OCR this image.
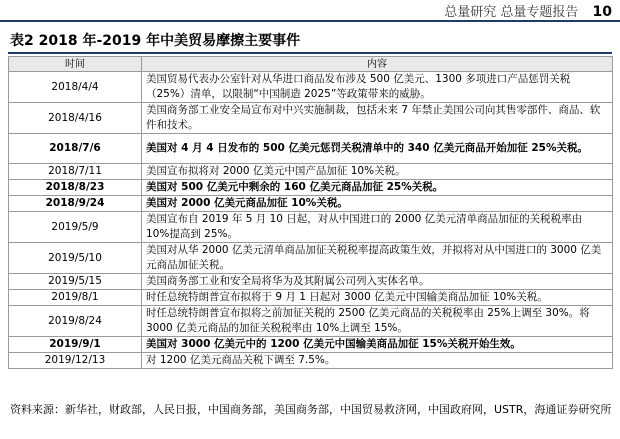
总量研究 总量专题报告 10
表2 2018 年-2019 年中美贸易摩擦主要事件
时间	内容
2018/4/4	美国贸易代表办公室针对从华进口商品发布涉及 500 亿美元、1300 多项进口产品惩罚关税（25%）清单，以限制“中国制造 2025”等政策带来的威胁。
2018/4/16	美国商务部工业安全局宣布对中兴实施制裁，包括未来 7 年禁止美国公司向其售零部件、商品、软件和技术。
2018/7/6	美国对 4 月 4 日发布的 500 亿美元惩罚关税清单中的 340 亿美元商品开始加征 25%关税。
2018/7/11	美国宣布拟将对 2000 亿美元中国产品加征 10%关税。
2018/8/23	美国对 500 亿美元中剩余的 160 亿美元商品加征 25%关税。
2018/9/24	美国对 2000 亿美元商品加征 10%关税。
2019/5/9	美国宣布自 2019 年 5 月 10 日起，对从中国进口的 2000 亿美元清单商品加征的关税税率由 10%提高到 25%。
2019/5/10	美国对从华 2000 亿美元清单商品加征关税税率提高政策生效，并拟将对从中国进口的 3000 亿美元商品加征关税。
2019/5/15	美国商务部工业和安全局将华为及其附属公司列入实体名单。
2019/8/1	时任总统特朗普宣布拟将于 9 月 1 日起对 3000 亿美元中国输美商品加征 10%关税。
2019/8/24	时任总统特朗普宣布拟将之前加征关税的 2500 亿美元商品的关税税率由 25%上调至 30%。将 3000 亿美元商品的加征关税税率由 10%上调至 15%。
2019/9/1	美国对 3000 亿美元中的 1200 亿美元中国输美商品加征 15%关税开始生效。
2019/12/13	对 1200 亿美元商品关税下调至 7.5%。
资料来源：新华社，财政部，人民日报，中国商务部，美国商务部，中国贸易救济网，中国政府网，USTR，海通证券研究所
